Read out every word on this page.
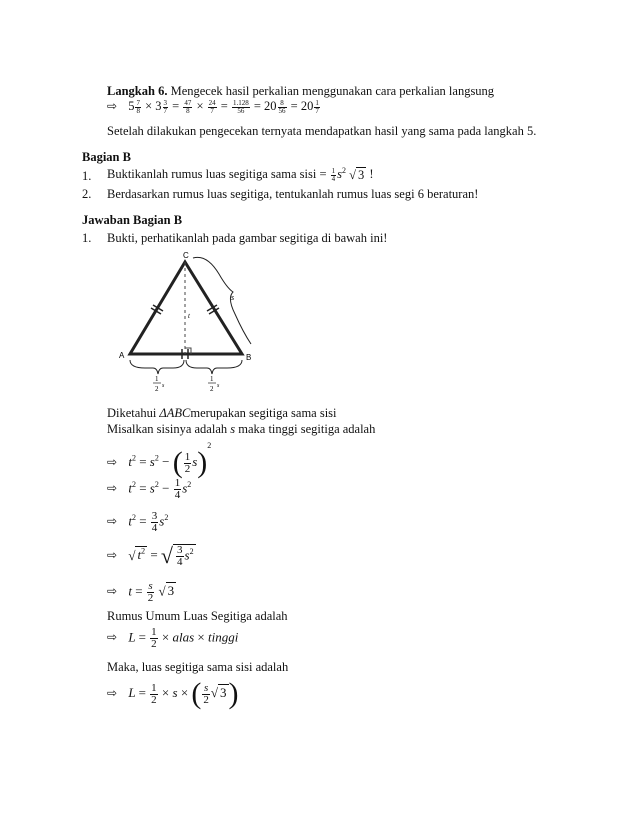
Langkah 6. Mengecek hasil perkalian menggunakan cara perkalian langsung
⇨ $5 \frac{7}{8} \times 3 \frac{3}{7} = \frac{47}{8} \times \frac{24}{7} = \frac{1.128}{56} = 20 \frac{8}{56} = 20 \frac{1}{7}$
Setelah dilakukan pengecekan ternyata mendapatkan hasil yang sama pada langkah 5.
Bagian B
1. Buktikanlah rumus luas segitiga sama sisi = $\frac{1}{4} s^2$ √ 3 !
2. Berdasarkan rumus luas segitiga, tentukanlah rumus luas segi 6 beraturan!
Jawaban Bagian B
1. Bukti, perhatikanlah pada gambar segitiga di bawah ini!
C
A	B
s
t
1
2 s
1
2 s
Diketahui ΔABCmerupakan segitiga sama sisi
Misalkan sisinya adalah s maka tinggi segitiga adalah
⇨ $t^2 = s^2$ − ( $\frac{1}{2} s)^2$
⇨ $t^2 = s^2 - \frac{1}{4} s^2$
⇨ $t^2 = \frac{3}{4} s^2$
⇨ √ $t^2$ = √ $\frac{3}{4} s^2$
⇨ $t = \frac{s}{2}$ √ 3
Rumus Umum Luas Segitiga adalah
⇨ $L = \frac{1}{2}$ × alas × tinggi
Maka, luas segitiga sama sisi adalah
⇨ $L = \frac{1}{2} \times s$ × ( $\frac{s}{2}$ √ 3)
